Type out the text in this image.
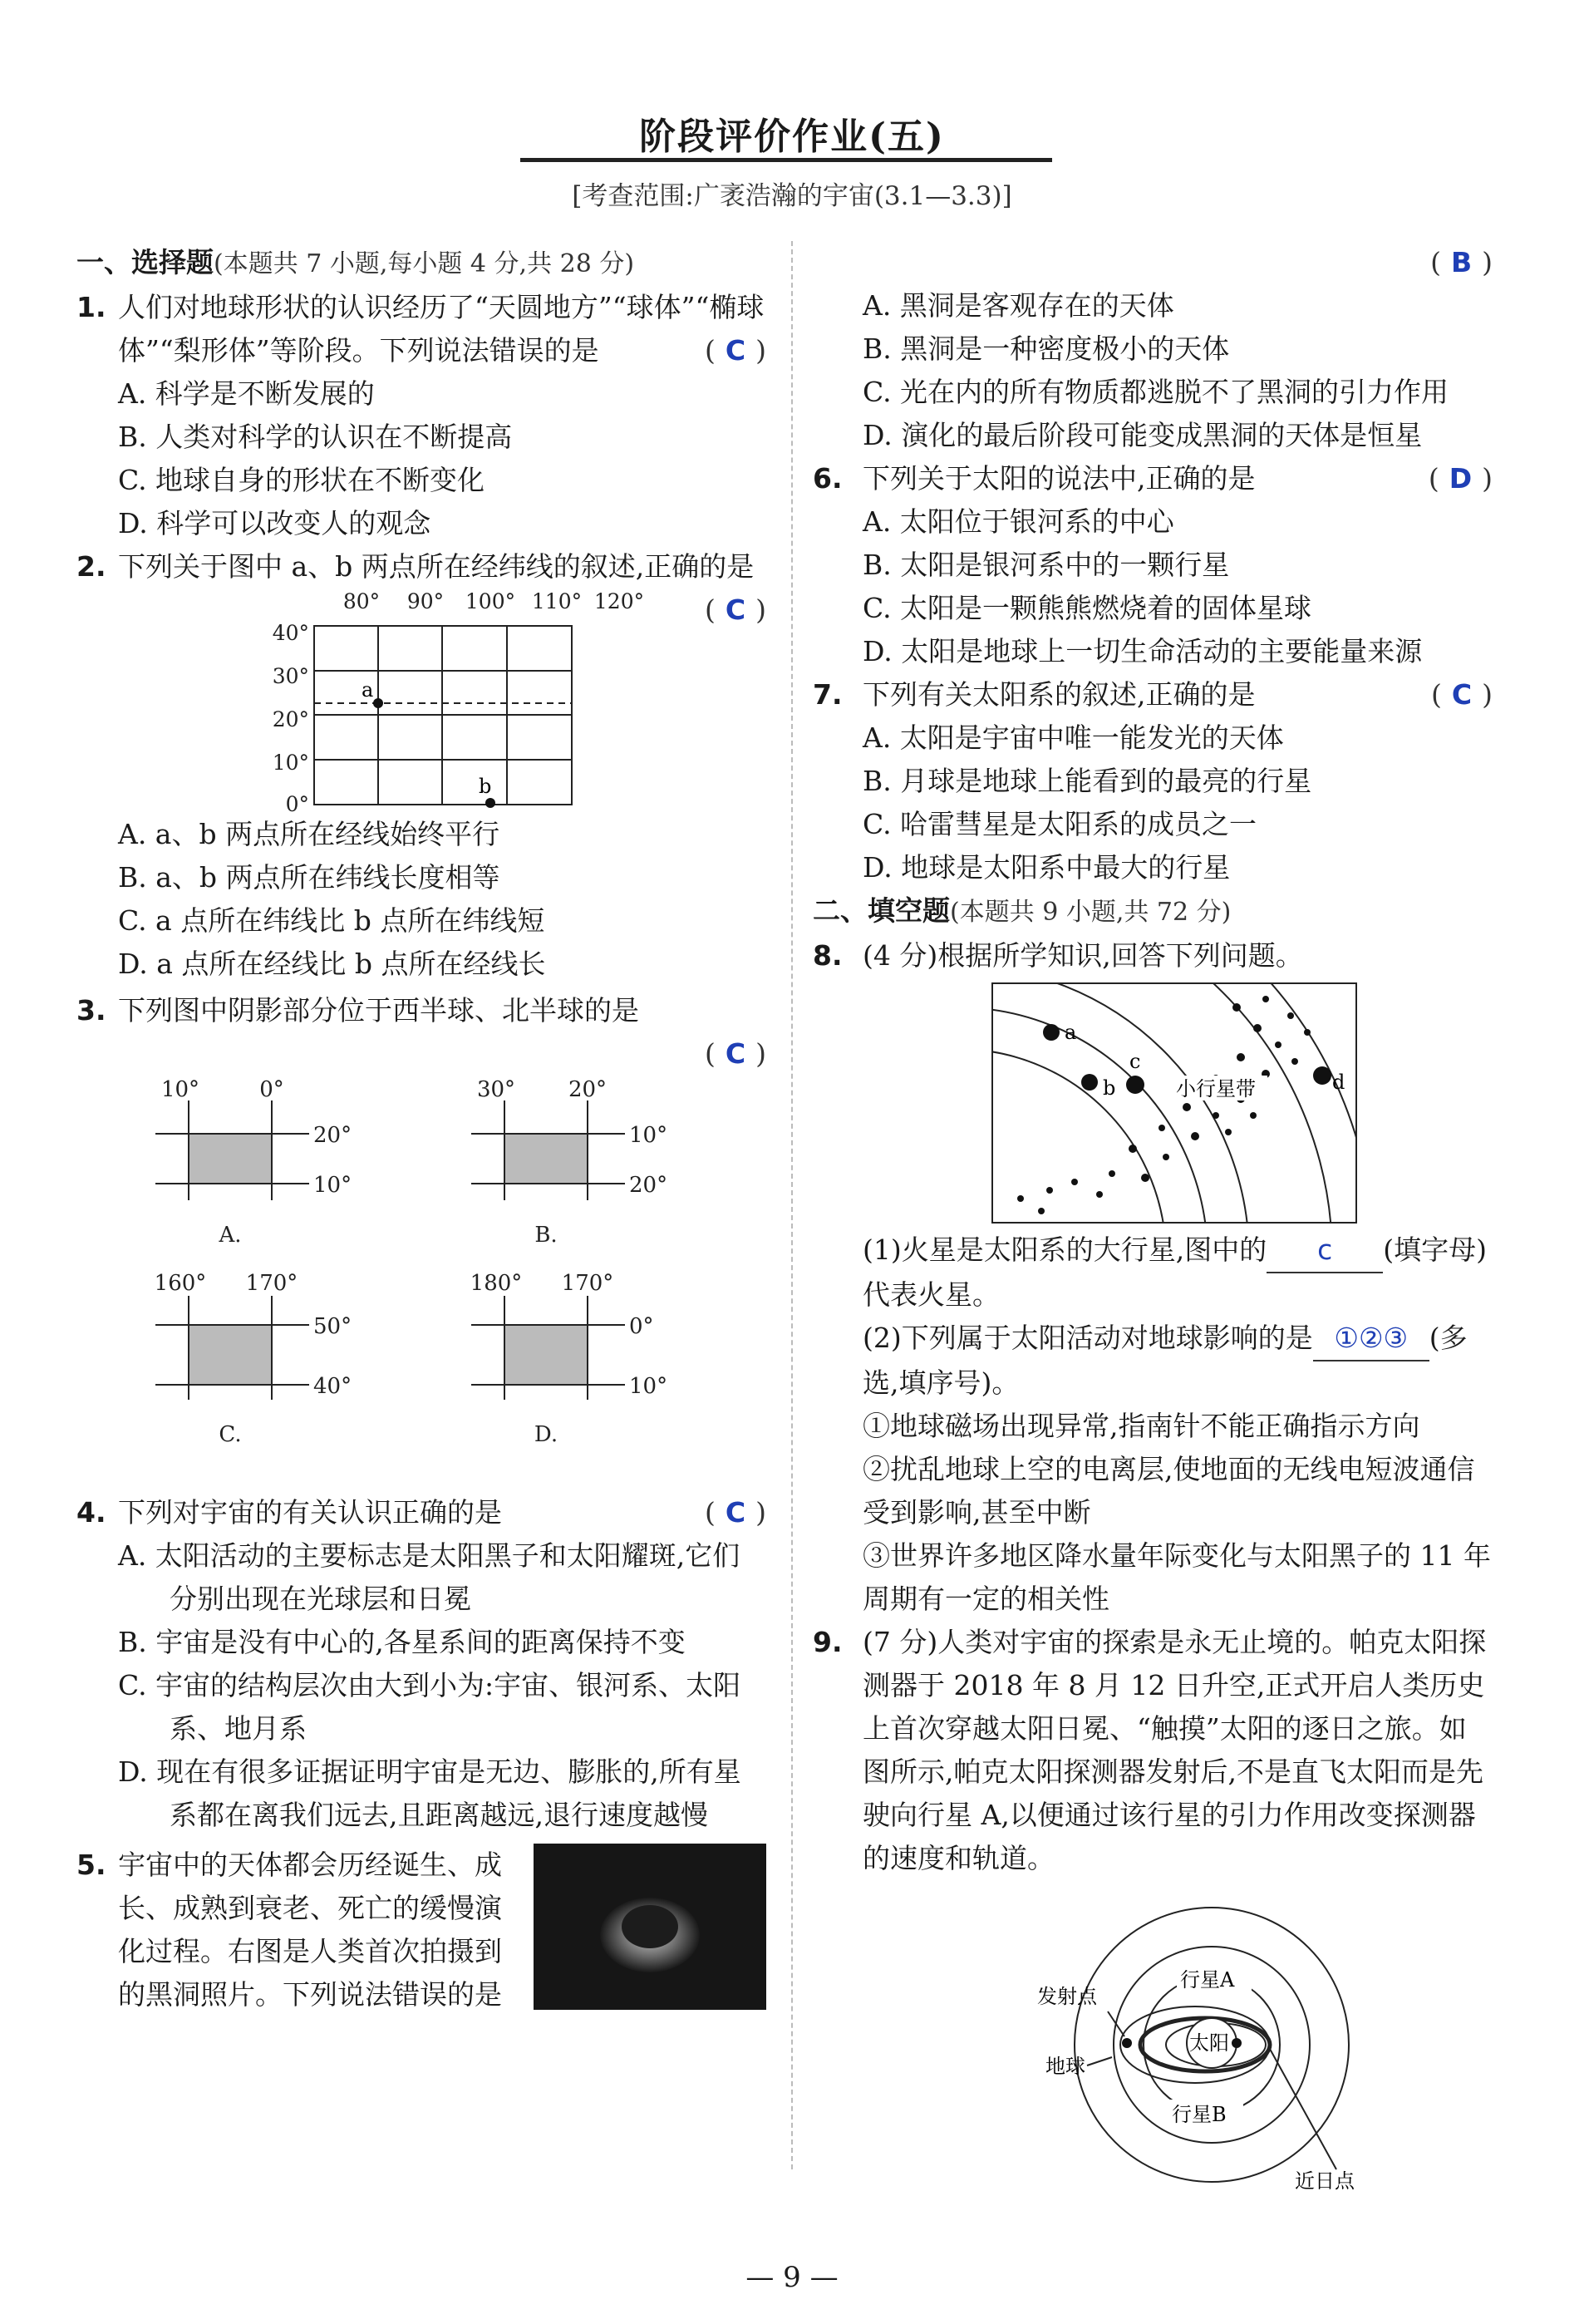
阶段评价作业(五)
[考查范围:广袤浩瀚的宇宙(3.1—3.3)]
一、选择题(本题共 7 小题,每小题 4 分,共 28 分)
1. 人们对地球形状的认识经历了“天圆地方”“球体”“椭球体”“梨形体”等阶段。下列说法错误的是	( C )
A. 科学是不断发展的
B. 人类对科学的认识在不断提高
C. 地球自身的形状在不断变化
D. 科学可以改变人的观念
2. 下列关于图中 a、b 两点所在经纬线的叙述,正确的是
( C )
80° 90° 100° 110° 120°
40°
30°
20°
10°
0°
a
b
A. a、b 两点所在经线始终平行
B. a、b 两点所在纬线长度相等
C. a 点所在纬线比 b 点所在纬线短
D. a 点所在经线比 b 点所在经线长
3. 下列图中阴影部分位于西半球、北半球的是
( C )
10°	0°
20°
10°
A.
30° 20°
10°
20°
B.
160° 170°
50°
40°
C.
180° 170°
0°
10°
D.
4. 下列对宇宙的有关认识正确的是	( C )
A. 太阳活动的主要标志是太阳黑子和太阳耀斑,它们分别出现在光球层和日冕
B. 宇宙是没有中心的,各星系间的距离保持不变
C. 宇宙的结构层次由大到小为:宇宙、银河系、太阳系、地月系
D. 现在有很多证据证明宇宙是无边、膨胀的,所有星系都在离我们远去,且距离越远,退行速度越慢
5. 宇宙中的天体都会历经诞生、成长、成熟到衰老、死亡的缓慢演化过程。右图是人类首次拍摄到的黑洞照片。下列说法错误的是
( B )

A. 黑洞是客观存在的天体
B. 黑洞是一种密度极小的天体
C. 光在内的所有物质都逃脱不了黑洞的引力作用
D. 演化的最后阶段可能变成黑洞的天体是恒星
6. 下列关于太阳的说法中,正确的是	( D )
A. 太阳位于银河系的中心
B. 太阳是银河系中的一颗行星
C. 太阳是一颗熊熊燃烧着的固体星球
D. 太阳是地球上一切生命活动的主要能量来源
7. 下列有关太阳系的叙述,正确的是	( C )
A. 太阳是宇宙中唯一能发光的天体
B. 月球是地球上能看到的最亮的行星
C. 哈雷彗星是太阳系的成员之一
D. 地球是太阳系中最大的行星
二、填空题(本题共 9 小题,共 72 分)
8. (4 分)根据所学知识,回答下列问题。
a
b
c
d
小行星带
(1)火星是太阳系的大行星,图中的 c (填字母)代表火星。
(2)下列属于太阳活动对地球影响的是 ①②③ (多选,填序号)。
①地球磁场出现异常,指南针不能正确指示方向
②扰乱地球上空的电离层,使地面的无线电短波通信受到影响,甚至中断
③世界许多地区降水量年际变化与太阳黑子的 11 年周期有一定的相关性
9. (7 分)人类对宇宙的探索是永无止境的。帕克太阳探测器于 2018 年 8 月 12 日升空,正式开启人类历史上首次穿越太阳日冕、“触摸”太阳的逐日之旅。如图所示,帕克太阳探测器发射后,不是直飞太阳而是先驶向行星 A,以便通过该行星的引力作用改变探测器的速度和轨道。
行星A
发射点
地球
太阳
行星B
近日点
— 9 —
